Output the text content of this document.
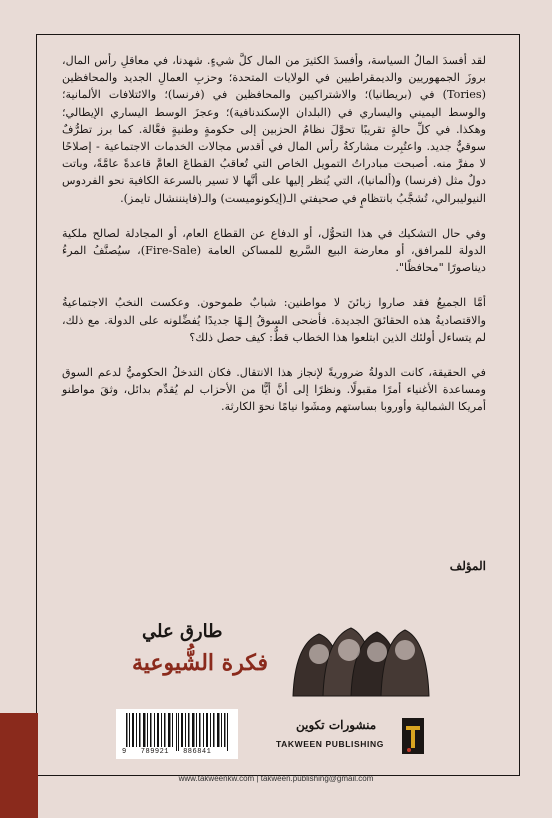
لقد أفسدَ المالُ السياسة، وأفسدَ الكثيرَ من المال كلَّ شيءٍ. شهدنا، في معاقلِ رأس المال، بروزَ الجمهوريين والديمقراطيين في الولايات المتحدة؛ وحزبِ العمالِ الجديد والمحافظين (Tories) في (بريطانيا)؛ والاشتراكيين والمحافظين في (فرنسا)؛ والائتلافات الألمانية؛ والوسط اليميني واليساري في (البلدان الإسكندنافية)؛ وعجزَ الوسط اليساري الإيطالي؛ وهكذا. في كلِّ حالةٍ تقريبًا تحوَّلَ نظامُ الحزبين إلى حكومةٍ وطنيةٍ فعَّالة. كما برز تطرُّفٌ سوقيٌّ جديد. واعتُبِرت مشاركةُ رأس المال في أقدس مجالات الخدمات الاجتماعية - إصلاحًا لا مفرَّ منه. أصبحت مبادراتُ التمويل الخاص التي تُعاقبُ القطاعَ العامَّ قاعدةً عامَّةً، وباتت دولٌ مثل (فرنسا) و(ألمانيا)، التي يُنظر إليها على أنَّها لا تسير بالسرعة الكافية نحو الفردوس النيوليبرالي، تُشجَّبُ بانتظامٍ في صحيفتي الـ(إيكونوميست) والـ(فاينننشال تايمز).

وفي حال التشكيك في هذا التحوُّل، أو الدفاع عن القطاع العام، أو المجادلة لصالح ملكية الدولة للمرافق، أو معارضة البيع السَّريع للمساكن العامة (Fire-Sale)، سيُصنَّفُ المرءُ ديناصورًا "محافظًا".

أمَّا الجميعُ فقد صاروا زبائنَ لا مواطنين: شبابٌ طموحون. وعكست النخبُ الاجتماعيةُ والاقتصاديةُ هذه الحقائقَ الجديدة. فأضحى السوقُ إلـهًا جديدًا يُفضِّلونه على الدولة. مع ذلك، لم يتساءل أولئك الذين ابتلعوا هذا الخطاب قطُّ: كيف حصل ذلك؟

في الحقيقة، كانت الدولةُ ضروريةً لإنجاز هذا الانتقال. فكان التدخلُ الحكوميُّ لدعم السوق ومساعدة الأغنياء أمرًا مقبولًا. ونظرًا إلى أنَّ أيًّا من الأحزاب لم يُقدِّم بدائل، وثقَ مواطنو أمريكا الشمالية وأوروبا بساستهم ومشَوا نيامًا نحوَ الكارثة.

المؤلف
طارق علي
فكرة الشُّيوعية
9   789921   886841
منشورات تكوين
TAKWEEN PUBLISHING
www.takweenkw.com | takween.publishing@gmail.com
